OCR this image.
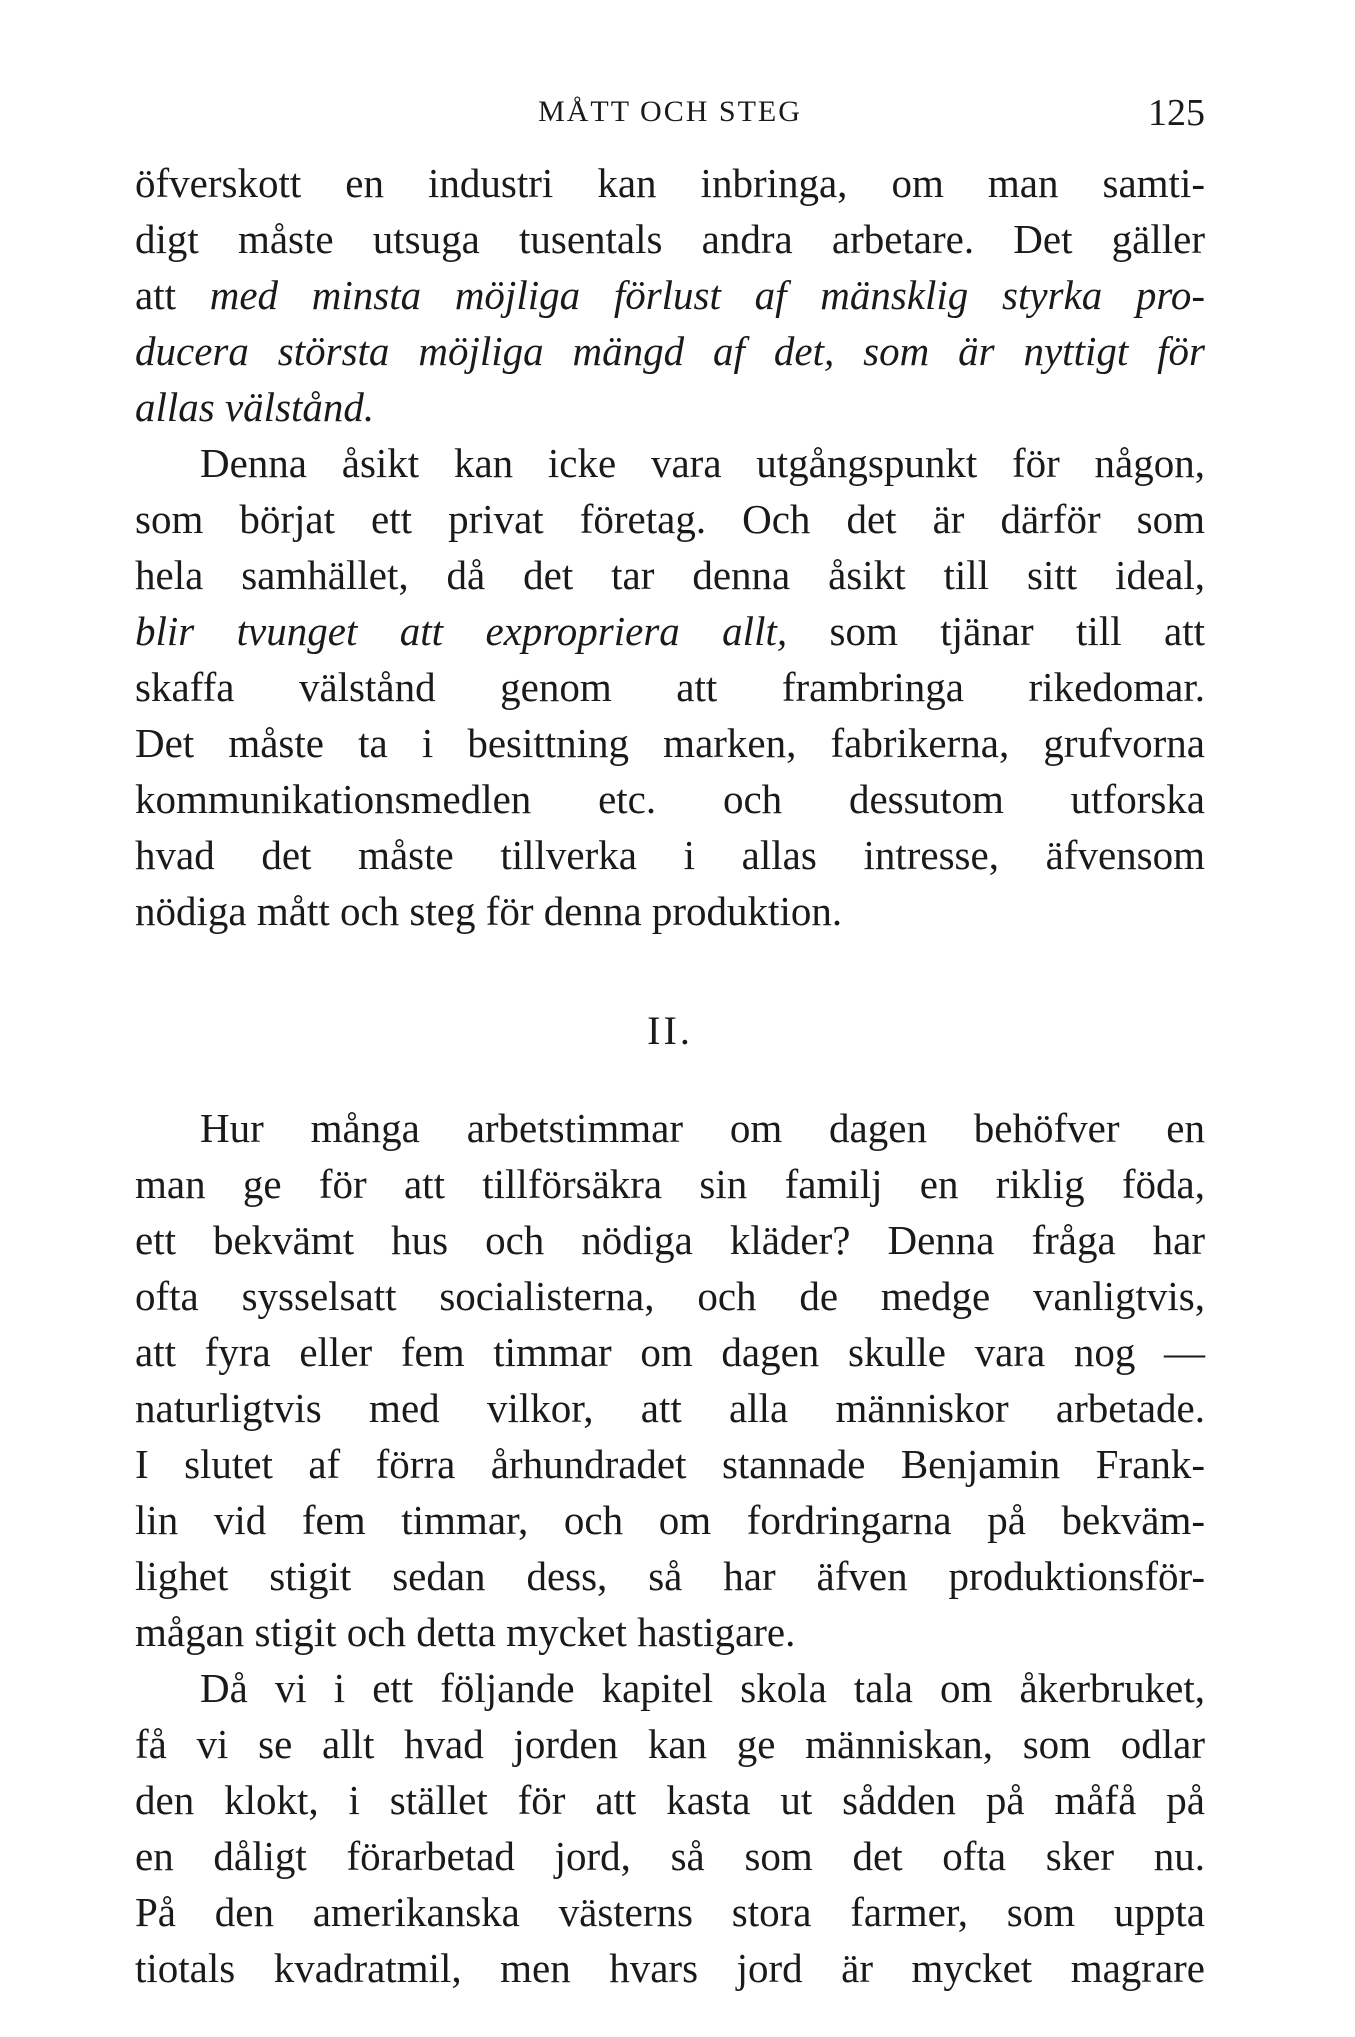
MÅTT OCH STEG	125
öfverskott en industri kan inbringa, om man samti-
digt måste utsuga tusentals andra arbetare. Det gäller
att med minsta möjliga förlust af mänsklig styrka pro-
ducera största möjliga mängd af det, som är nyttigt för
allas välstånd.
Denna åsikt kan icke vara utgångspunkt för någon,
som börjat ett privat företag. Och det är därför som
hela samhället, då det tar denna åsikt till sitt ideal,
blir tvunget att expropriera allt, som tjänar till att
skaffa välstånd genom att frambringa rikedomar.
Det måste ta i besittning marken, fabrikerna, grufvorna
kommunikationsmedlen etc. och dessutom utforska
hvad det måste tillverka i allas intresse, äfvensom
nödiga mått och steg för denna produktion.
II.
Hur många arbetstimmar om dagen behöfver en
man ge för att tillförsäkra sin familj en riklig föda,
ett bekvämt hus och nödiga kläder? Denna fråga har
ofta sysselsatt socialisterna, och de medge vanligtvis,
att fyra eller fem timmar om dagen skulle vara nog —
naturligtvis med vilkor, att alla människor arbetade.
I slutet af förra århundradet stannade Benjamin Frank-
lin vid fem timmar, och om fordringarna på bekväm-
lighet stigit sedan dess, så har äfven produktionsför-
mågan stigit och detta mycket hastigare.
Då vi i ett följande kapitel skola tala om åkerbruket,
få vi se allt hvad jorden kan ge människan, som odlar
den klokt, i stället för att kasta ut sådden på måfå på
en dåligt förarbetad jord, så som det ofta sker nu.
På den amerikanska västerns stora farmer, som uppta
tiotals kvadratmil, men hvars jord är mycket magrare
